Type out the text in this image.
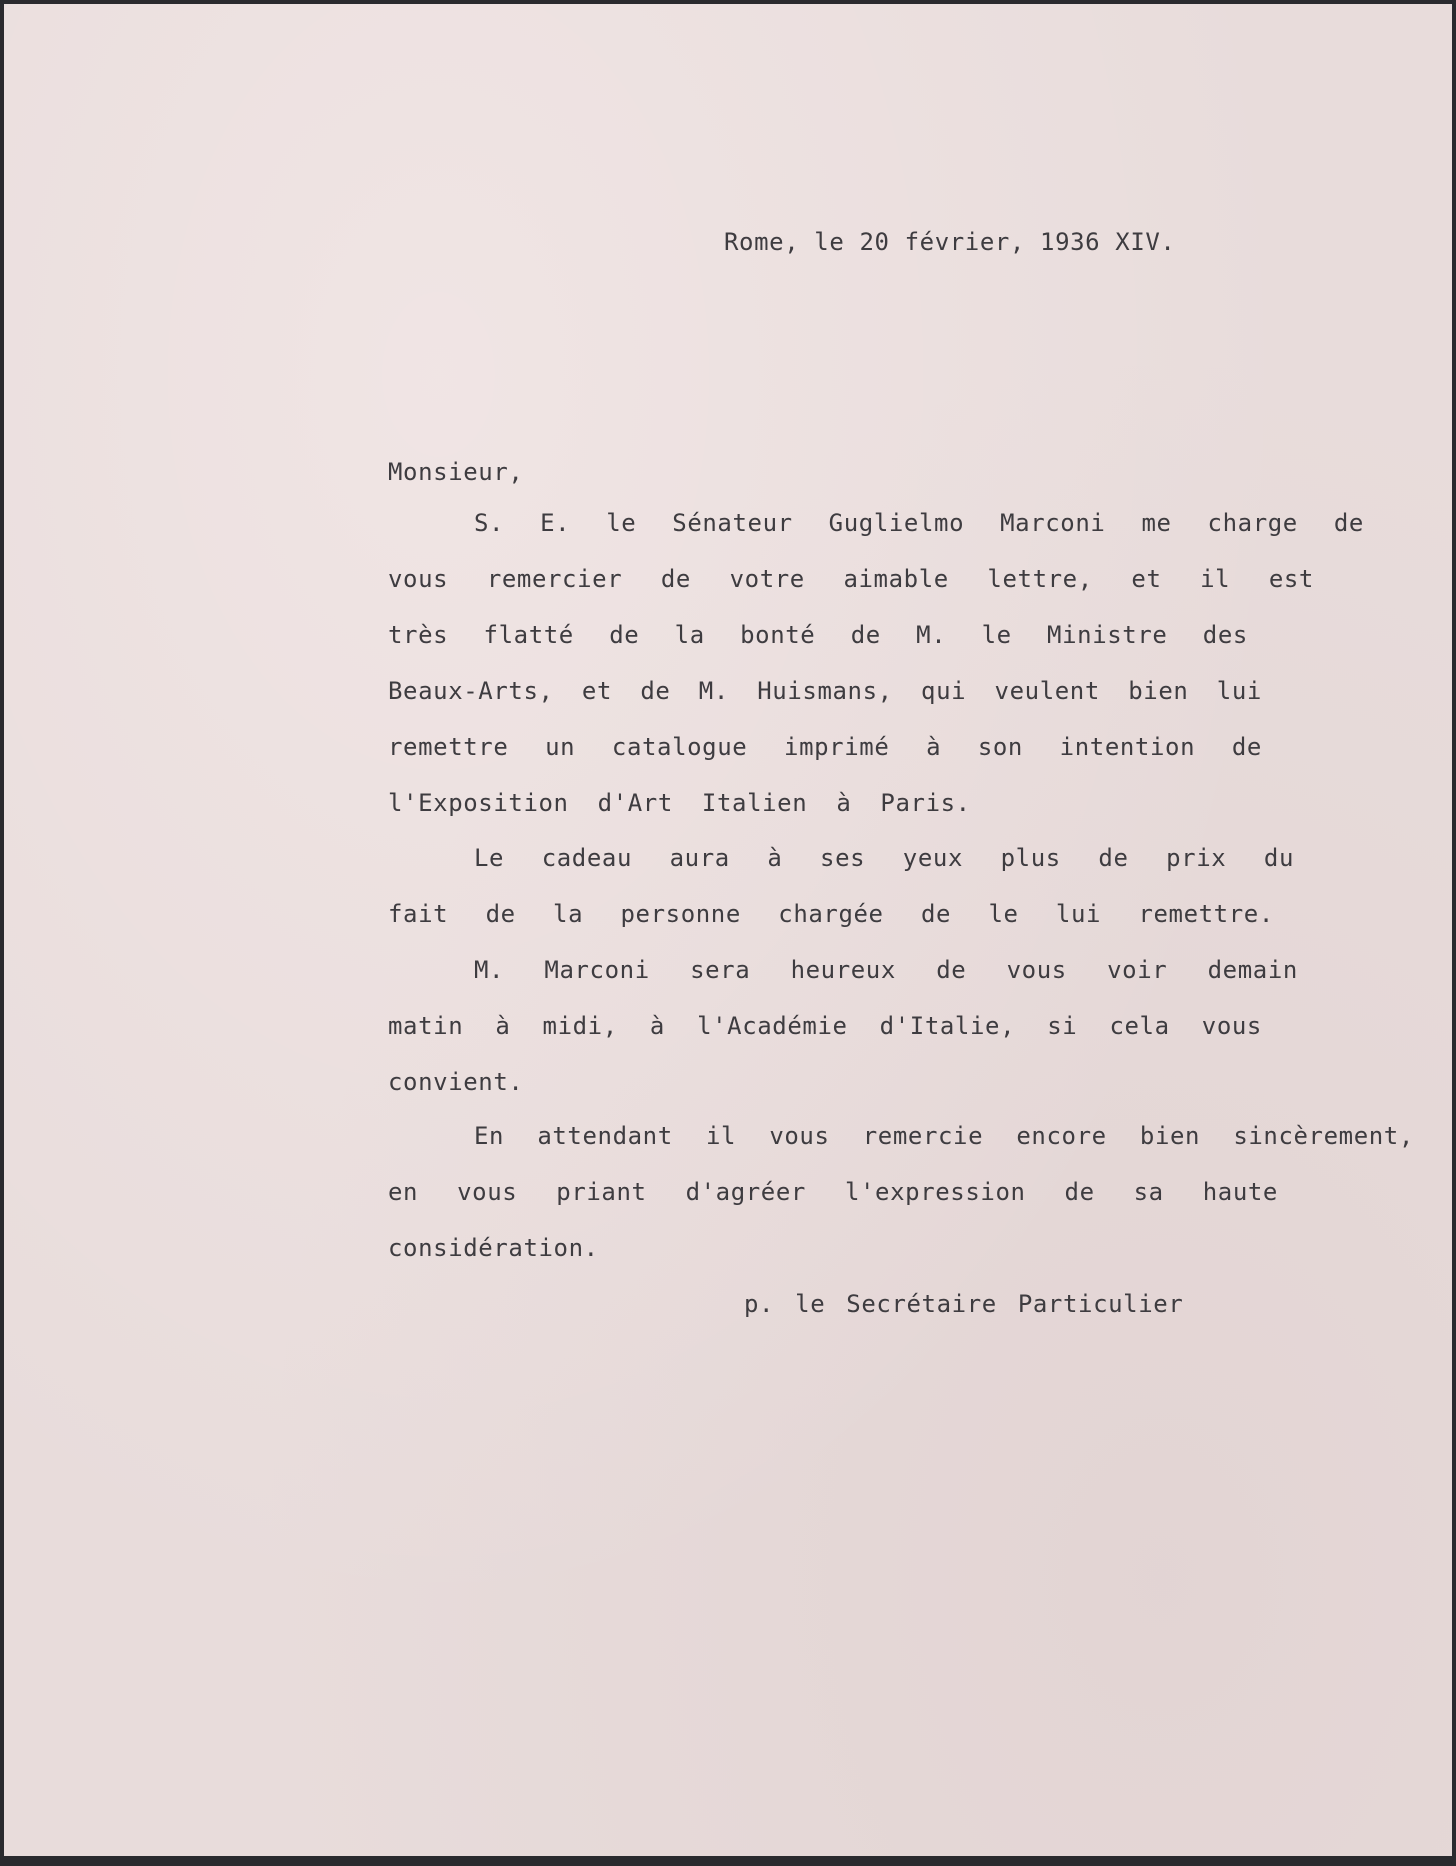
Rome, le 20 février, 1936 XIV.
Monsieur,
S. E. le Sénateur Guglielmo Marconi me charge de
vous remercier de votre aimable lettre, et il est
très flatté de la bonté de M. le Ministre des
Beaux-Arts, et de M. Huismans, qui veulent bien lui
remettre un catalogue imprimé à son intention de
l'Exposition d'Art Italien à Paris.
Le cadeau aura à ses yeux plus de prix du
fait de la personne chargée de le lui remettre.
M. Marconi sera heureux de vous voir demain
matin à midi, à l'Académie d'Italie, si cela vous
convient.
En attendant il vous remercie encore bien sincèrement,
en vous priant d'agréer l'expression de sa haute
considération.
p. le Secrétaire Particulier
